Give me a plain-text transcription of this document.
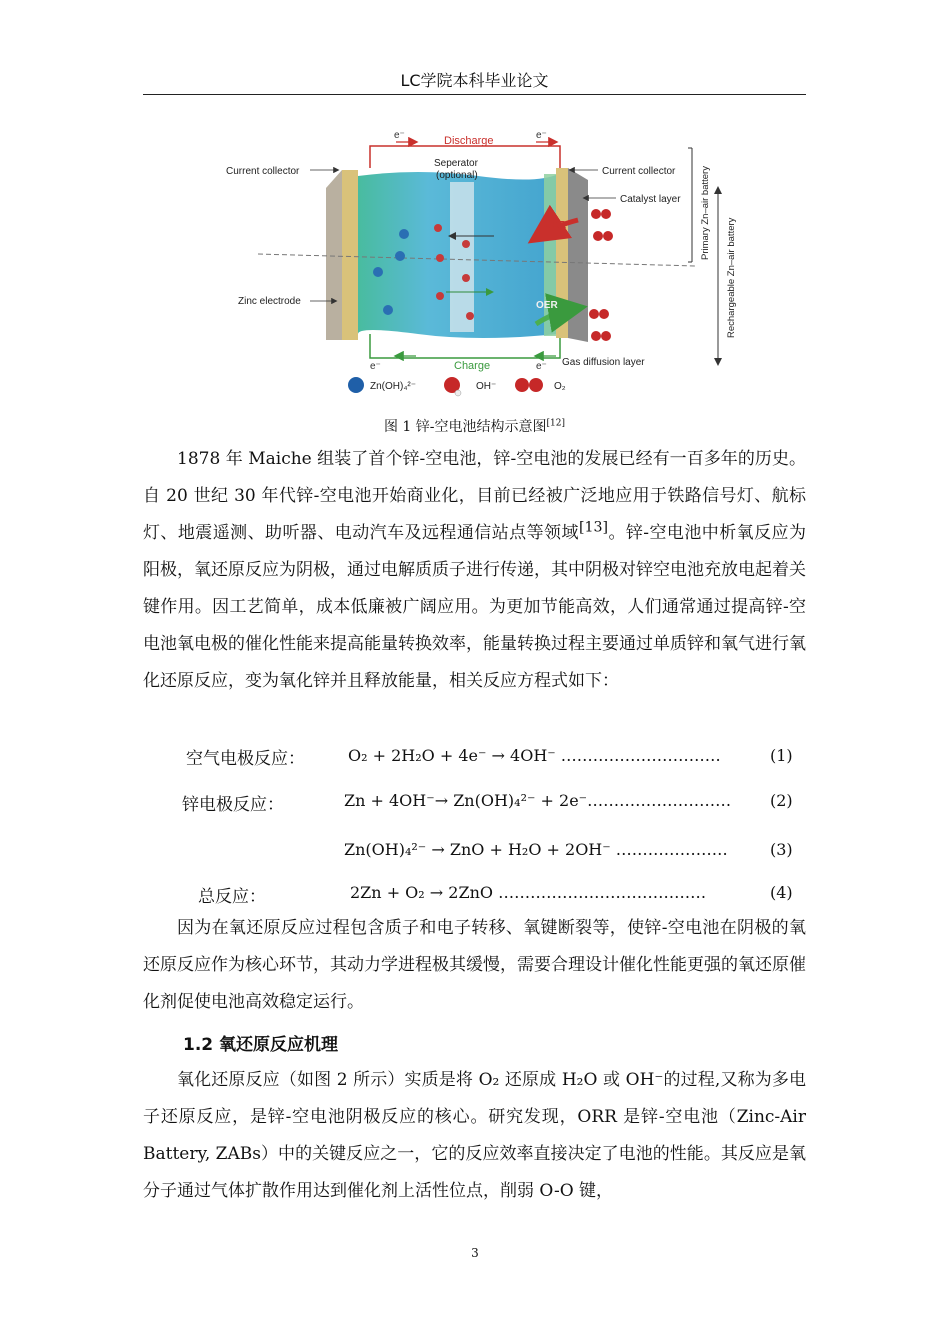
LC学院本科毕业论文
e⁻	e⁻
Discharge
e⁻	e⁻
Charge
ORR
OER
Current collector
Zinc electrode
Seperator
(optional)	Current collector
Catalyst layer
Gas diffusion layer
Primary Zn–air battery
Rechargeable Zn–air battery
Zn(OH)₄²⁻	OH⁻	O₂
图 1 锌-空电池结构示意图[12]

1878 年 Maiche 组装了首个锌-空电池，锌-空电池的发展已经有一百多年的历史。自 20 世纪 30 年代锌-空电池开始商业化，目前已经被广泛地应用于铁路信号灯、航标灯、地震遥测、助听器、电动汽车及远程通信站点等领域[13]。锌-空电池中析氧反应为阳极，氧还原反应为阴极，通过电解质质子进行传递，其中阴极对锌空电池充放电起着关键作用。因工艺简单，成本低廉被广阔应用。为更加节能高效，人们通常通过提高锌-空电池氧电极的催化性能来提高能量转换效率，能量转换过程主要通过单质锌和氧气进行氧化还原反应，变为氧化锌并且释放能量，相关反应方程式如下：

空气电极反应：	O₂ + 2H₂O + 4e⁻ → 4OH⁻ …………………………	(1)
锌电极反应：	Zn + 4OH⁻→ Zn(OH)₄²⁻ + 2e⁻……………………… (2)
Zn(OH)₄²⁻ → ZnO + H₂O + 2OH⁻ …………………	(3)
总反应：	2Zn + O₂ → 2ZnO …………………………………	(4)

因为在氧还原反应过程包含质子和电子转移、氧键断裂等，使锌-空电池在阴极的氧还原反应作为核心环节，其动力学进程极其缓慢，需要合理设计催化性能更强的氧还原催化剂促使电池高效稳定运行。

1.2 氧还原反应机理

氧化还原反应（如图 2 所示）实质是将 O₂ 还原成 H₂O 或 OH⁻的过程,又称为多电子还原反应，是锌-空电池阴极反应的核心。研究发现，ORR 是锌-空电池（Zinc-Air Battery, ZABs）中的关键反应之一，它的反应效率直接决定了电池的性能。其反应是氧分子通过气体扩散作用达到催化剂上活性位点，削弱 O-O 键，

3
